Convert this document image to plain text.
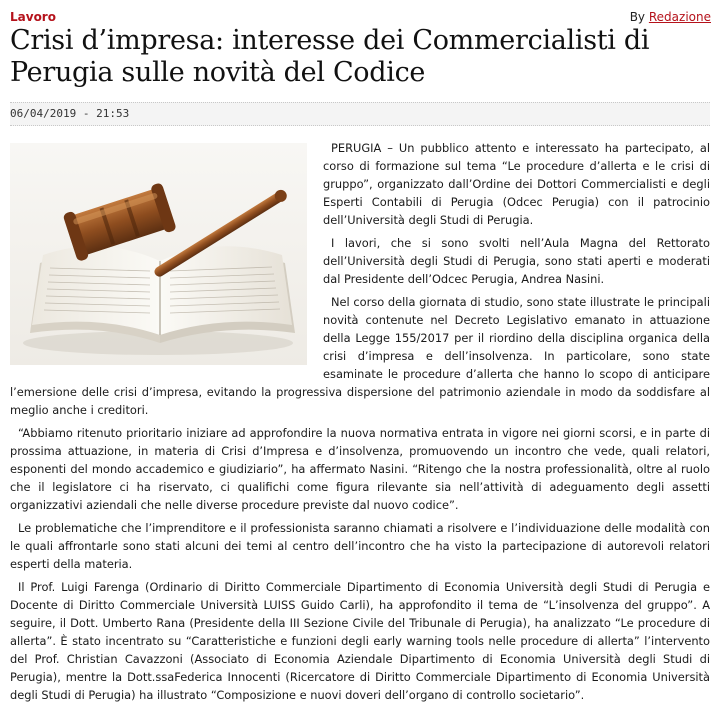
Lavoro	By Redazione
Crisi d’impresa: interesse dei Commercialisti di Perugia sulle novità del Codice
06/04/2019 - 21:53

PERUGIA – Un pubblico attento e interessato ha partecipato, al corso di formazione sul tema “Le procedure d’allerta e le crisi di gruppo”, organizzato dall’Ordine dei Dottori Commercialisti e degli Esperti Contabili di Perugia (Odcec Perugia) con il patrocinio dell’Università degli Studi di Perugia.

I lavori, che si sono svolti nell’Aula Magna del Rettorato dell’Università degli Studi di Perugia, sono stati aperti e moderati dal Presidente dell’Odcec Perugia, Andrea Nasini.

Nel corso della giornata di studio, sono state illustrate le principali novità contenute nel Decreto Legislativo emanato in attuazione della Legge 155/2017 per il riordino della disciplina organica della crisi d’impresa e dell’insolvenza. In particolare, sono state esaminate le procedure d’allerta che hanno lo scopo di anticipare l’emersione delle crisi d’impresa, evitando la progressiva dispersione del patrimonio aziendale in modo da soddisfare al meglio anche i creditori.

“Abbiamo ritenuto prioritario iniziare ad approfondire la nuova normativa entrata in vigore nei giorni scorsi, e in parte di prossima attuazione, in materia di Crisi d’Impresa e d’insolvenza, promuovendo un incontro che vede, quali relatori, esponenti del mondo accademico e giudiziario”, ha affermato Nasini. “Ritengo che la nostra professionalità, oltre al ruolo che il legislatore ci ha riservato, ci qualifichi come figura rilevante sia nell’attività di adeguamento degli assetti organizzativi aziendali che nelle diverse procedure previste dal nuovo codice”.

Le problematiche che l’imprenditore e il professionista saranno chiamati a risolvere e l’individuazione delle modalità con le quali affrontarle sono stati alcuni dei temi al centro dell’incontro che ha visto la partecipazione di autorevoli relatori esperti della materia.

Il Prof. Luigi Farenga (Ordinario di Diritto Commerciale Dipartimento di Economia Università degli Studi di Perugia e Docente di Diritto Commerciale Università LUISS Guido Carli), ha approfondito il tema de “L’insolvenza del gruppo”. A seguire, il Dott. Umberto Rana (Presidente della III Sezione Civile del Tribunale di Perugia), ha analizzato “Le procedure di allerta”. È stato incentrato su “Caratteristiche e funzioni degli early warning tools nelle procedure di allerta” l’intervento del Prof. Christian Cavazzoni (Associato di Economia Aziendale Dipartimento di Economia Università degli Studi di Perugia), mentre la Dott.ssaFederica Innocenti (Ricercatore di Diritto Commerciale Dipartimento di Economia Università degli Studi di Perugia) ha illustrato “Composizione e nuovi doveri dell’organo di controllo societario”.
